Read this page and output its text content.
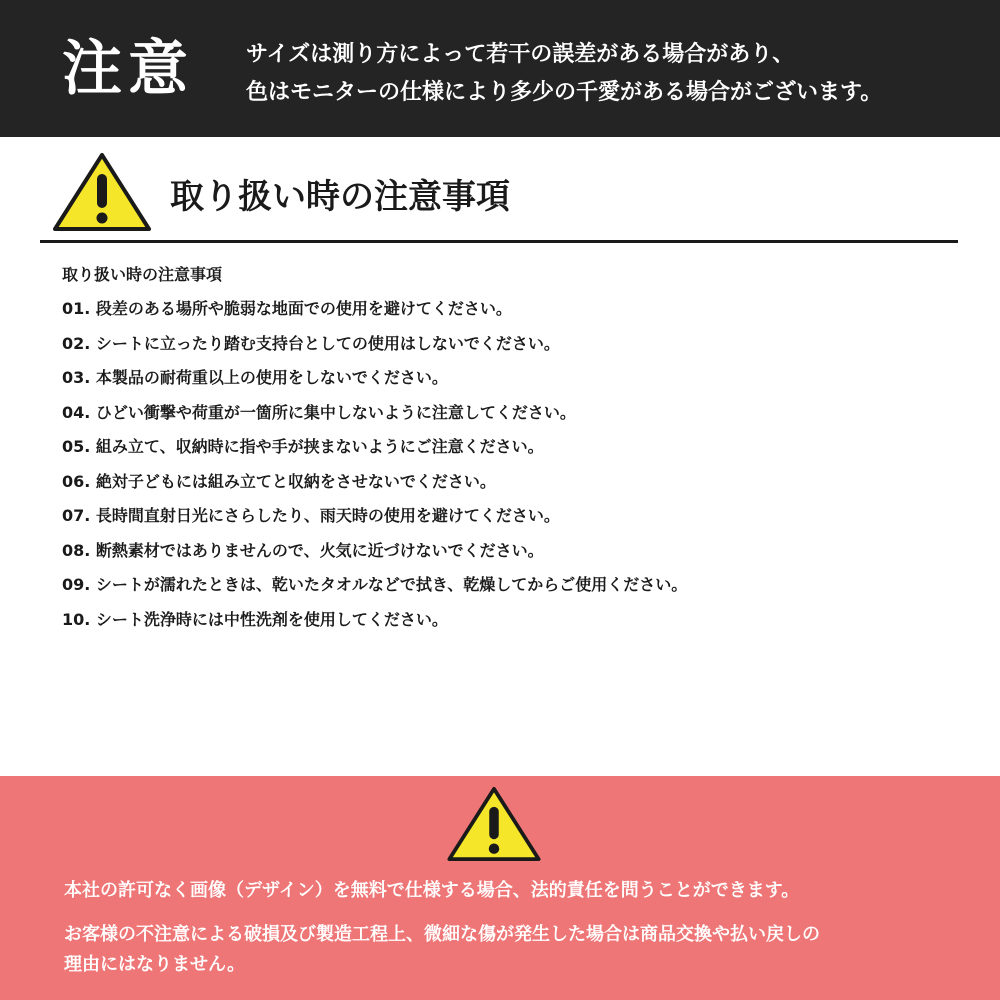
注意 サイズは測り方によって若干の誤差がある場合があり、
色はモニターの仕様により多少の千愛がある場合がございます。
取り扱い時の注意事項
取り扱い時の注意事項
01. 段差のある場所や脆弱な地面での使用を避けてください。
02. シートに立ったり踏む支持台としての使用はしないでください。
03. 本製品の耐荷重以上の使用をしないでください。
04. ひどい衝撃や荷重が一箇所に集中しないように注意してください。
05. 組み立て、収納時に指や手が挟まないようにご注意ください。
06. 絶対子どもには組み立てと収納をさせないでください。
07. 長時間直射日光にさらしたり、雨天時の使用を避けてください。
08. 断熱素材ではありませんので、火気に近づけないでください。
09. シートが濡れたときは、乾いたタオルなどで拭き、乾燥してからご使用ください。
10. シート洗浄時には中性洗剤を使用してください。
本社の許可なく画像（デザイン）を無料で仕様する場合、法的責任を問うことができます。
お客様の不注意による破損及び製造工程上、微細な傷が発生した場合は商品交換や払い戻しの
理由にはなりません。
